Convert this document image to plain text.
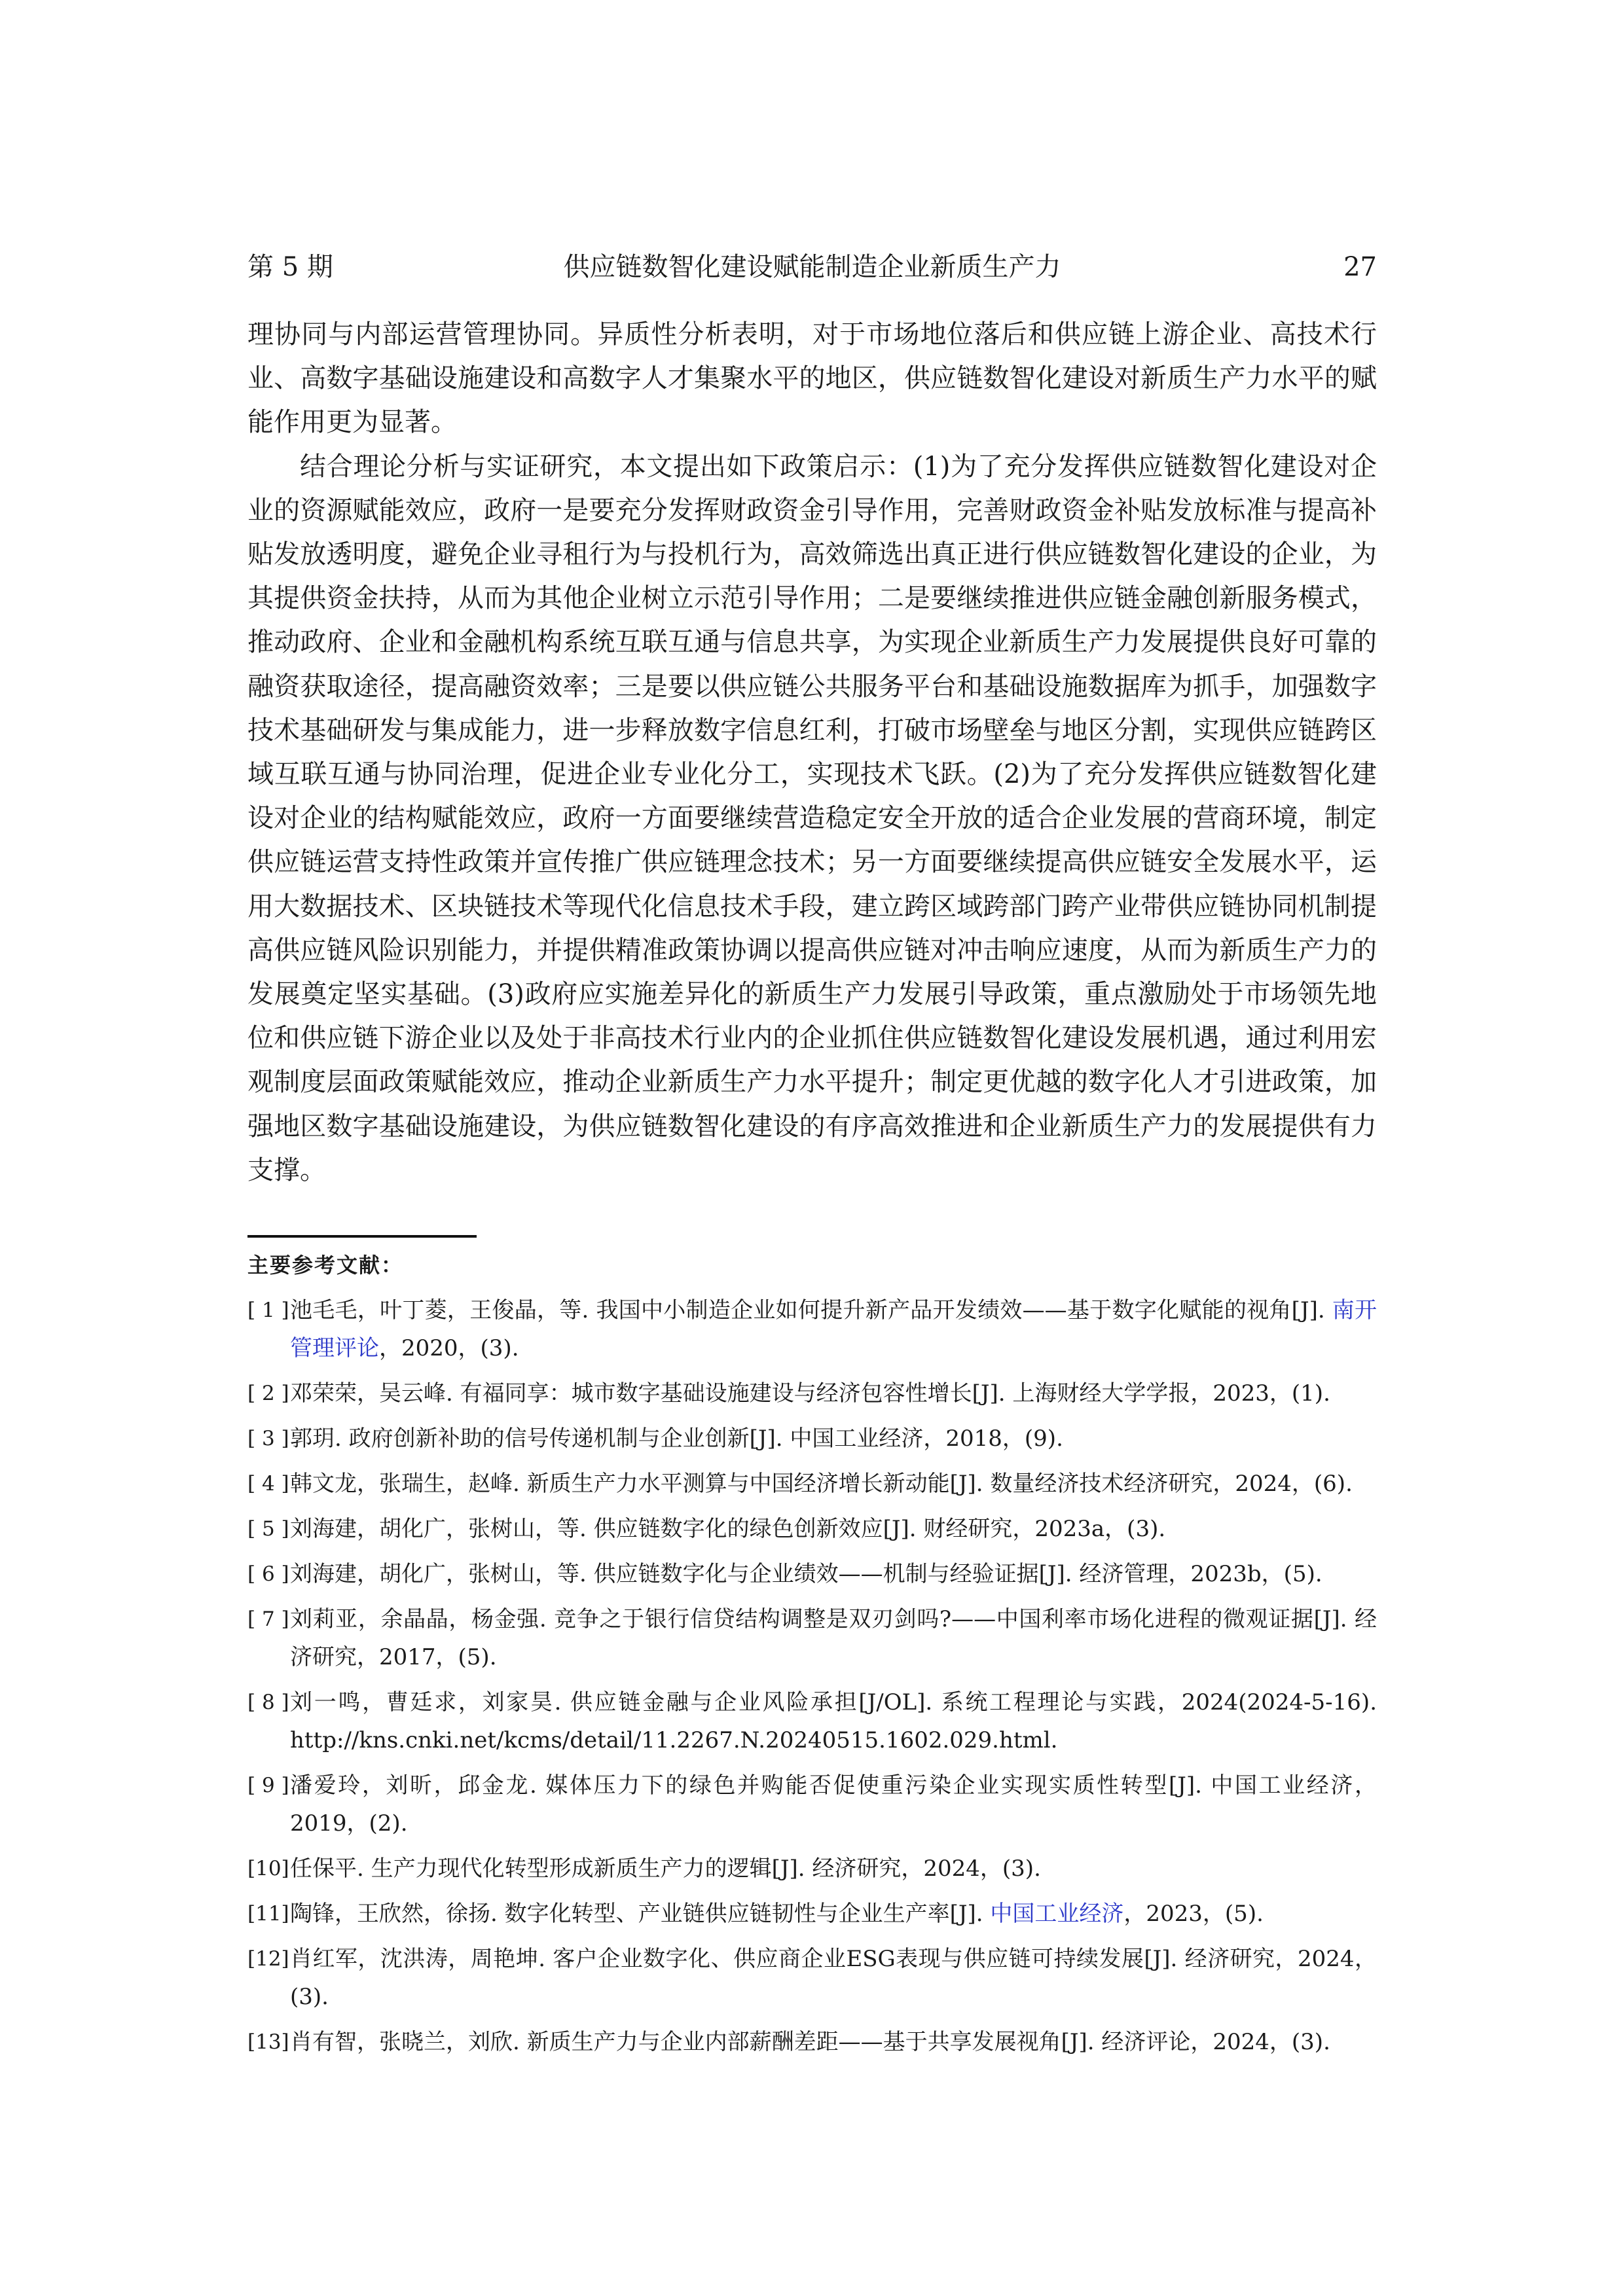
供应链数智化建设赋能制造企业新质生产力
第 5 期	27

理协同与内部运营管理协同。异质性分析表明，对于市场地位落后和供应链上游企业、高技术行业、高数字基础设施建设和高数字人才集聚水平的地区，供应链数智化建设对新质生产力水平的赋能作用更为显著。

结合理论分析与实证研究，本文提出如下政策启示：(1)为了充分发挥供应链数智化建设对企业的资源赋能效应，政府一是要充分发挥财政资金引导作用，完善财政资金补贴发放标准与提高补贴发放透明度，避免企业寻租行为与投机行为，高效筛选出真正进行供应链数智化建设的企业，为其提供资金扶持，从而为其他企业树立示范引导作用；二是要继续推进供应链金融创新服务模式，推动政府、企业和金融机构系统互联互通与信息共享，为实现企业新质生产力发展提供良好可靠的融资获取途径，提高融资效率；三是要以供应链公共服务平台和基础设施数据库为抓手，加强数字技术基础研发与集成能力，进一步释放数字信息红利，打破市场壁垒与地区分割，实现供应链跨区域互联互通与协同治理，促进企业专业化分工，实现技术飞跃。(2)为了充分发挥供应链数智化建设对企业的结构赋能效应，政府一方面要继续营造稳定安全开放的适合企业发展的营商环境，制定供应链运营支持性政策并宣传推广供应链理念技术；另一方面要继续提高供应链安全发展水平，运用大数据技术、区块链技术等现代化信息技术手段，建立跨区域跨部门跨产业带供应链协同机制提高供应链风险识别能力，并提供精准政策协调以提高供应链对冲击响应速度，从而为新质生产力的发展奠定坚实基础。(3)政府应实施差异化的新质生产力发展引导政策，重点激励处于市场领先地位和供应链下游企业以及处于非高技术行业内的企业抓住供应链数智化建设发展机遇，通过利用宏观制度层面政策赋能效应，推动企业新质生产力水平提升；制定更优越的数字化人才引进政策，加强地区数字基础设施建设，为供应链数智化建设的有序高效推进和企业新质生产力的发展提供有力支撑。

主要参考文献：

[ 1 ] 池毛毛，叶丁菱，王俊晶，等. 我国中小制造企业如何提升新产品开发绩效——基于数字化赋能的视角[J]. 南开管理评论，2020，(3).
[ 2 ] 邓荣荣，吴云峰. 有福同享：城市数字基础设施建设与经济包容性增长[J]. 上海财经大学学报，2023，(1).
[ 3 ] 郭玥. 政府创新补助的信号传递机制与企业创新[J]. 中国工业经济，2018，(9).
[ 4 ] 韩文龙，张瑞生，赵峰. 新质生产力水平测算与中国经济增长新动能[J]. 数量经济技术经济研究，2024，(6).
[ 5 ] 刘海建，胡化广，张树山，等. 供应链数字化的绿色创新效应[J]. 财经研究，2023a，(3).
[ 6 ] 刘海建，胡化广，张树山，等. 供应链数字化与企业绩效——机制与经验证据[J]. 经济管理，2023b，(5).
[ 7 ] 刘莉亚，余晶晶，杨金强. 竞争之于银行信贷结构调整是双刃剑吗?——中国利率市场化进程的微观证据[J]. 经济研究，2017，(5).
[ 8 ] 刘一鸣，曹廷求，刘家昊. 供应链金融与企业风险承担[J/OL]. 系统工程理论与实践，2024(2024-5-16). http://kns.cnki.net/kcms/detail/11.2267.N.20240515.1602.029.html.
[ 9 ] 潘爱玲，刘昕，邱金龙. 媒体压力下的绿色并购能否促使重污染企业实现实质性转型[J]. 中国工业经济，2019，(2).
[10] 任保平. 生产力现代化转型形成新质生产力的逻辑[J]. 经济研究，2024，(3).
[11] 陶锋，王欣然，徐扬. 数字化转型、产业链供应链韧性与企业生产率[J]. 中国工业经济，2023，(5).
[12] 肖红军，沈洪涛，周艳坤. 客户企业数字化、供应商企业ESG表现与供应链可持续发展[J]. 经济研究，2024，(3).
[13] 肖有智，张晓兰，刘欣. 新质生产力与企业内部薪酬差距——基于共享发展视角[J]. 经济评论，2024，(3).
